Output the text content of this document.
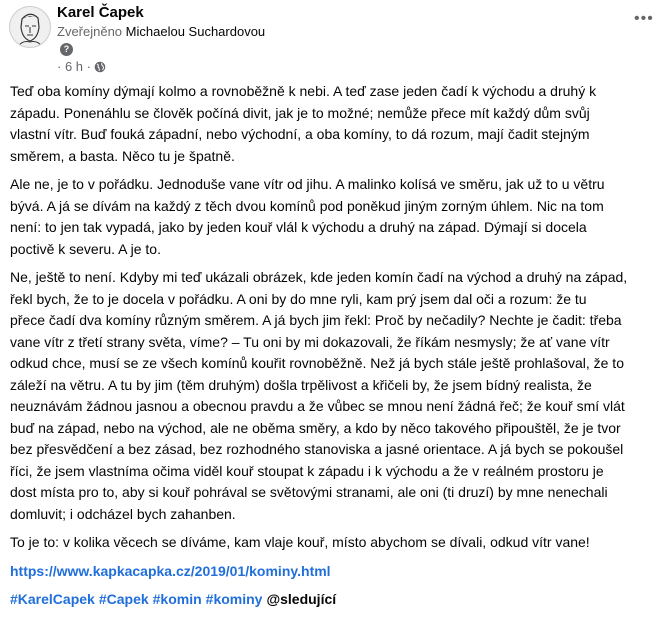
Karel Čapek
Zveřejněno Michaelou Suchardovou
?
· 6 h ·
•••
Teď oba komíny dýmají kolmo a rovnoběžně k nebi. A teď zase jeden čadí k východu a druhý k
západu. Ponenáhlu se člověk počíná divit, jak je to možné; nemůže přece mít každý dům svůj
vlastní vítr. Buď fouká západní, nebo východní, a oba komíny, to dá rozum, mají čadit stejným
směrem, a basta. Něco tu je špatně.
Ale ne, je to v pořádku. Jednoduše vane vítr od jihu. A malinko kolísá ve směru, jak už to u větru
bývá. A já se dívám na každý z těch dvou komínů pod poněkud jiným zorným úhlem. Nic na tom
není: to jen tak vypadá, jako by jeden kouř vlál k východu a druhý na západ. Dýmají si docela
poctivě k severu. A je to.
Ne, ještě to není. Kdyby mi teď ukázali obrázek, kde jeden komín čadí na východ a druhý na západ,
řekl bych, že to je docela v pořádku. A oni by do mne ryli, kam prý jsem dal oči a rozum: že tu
přece čadí dva komíny různým směrem. A já bych jim řekl: Proč by nečadily? Nechte je čadit: třeba
vane vítr z třetí strany světa, víme? – Tu oni by mi dokazovali, že říkám nesmysly; že ať vane vítr
odkud chce, musí se ze všech komínů kouřit rovnoběžně. Než já bych stále ještě prohlašoval, že to
záleží na větru. A tu by jim (těm druhým) došla trpělivost a křičeli by, že jsem bídný realista, že
neuznávám žádnou jasnou a obecnou pravdu a že vůbec se mnou není žádná řeč; že kouř smí vlát
buď na západ, nebo na východ, ale ne oběma směry, a kdo by něco takového připouštěl, že je tvor
bez přesvědčení a bez zásad, bez rozhodného stanoviska a jasné orientace. A já bych se pokoušel
říci, že jsem vlastníma očima viděl kouř stoupat k západu i k východu a že v reálném prostoru je
dost místa pro to, aby si kouř pohrával se světovými stranami, ale oni (ti druzí) by mne nenechali
domluvit; i odcházel bych zahanben.
To je to: v kolika věcech se díváme, kam vlaje kouř, místo abychom se dívali, odkud vítr vane!
https://www.kapkacapka.cz/2019/01/kominy.html
#KarelCapek #Capek #komin #kominy @sledující
